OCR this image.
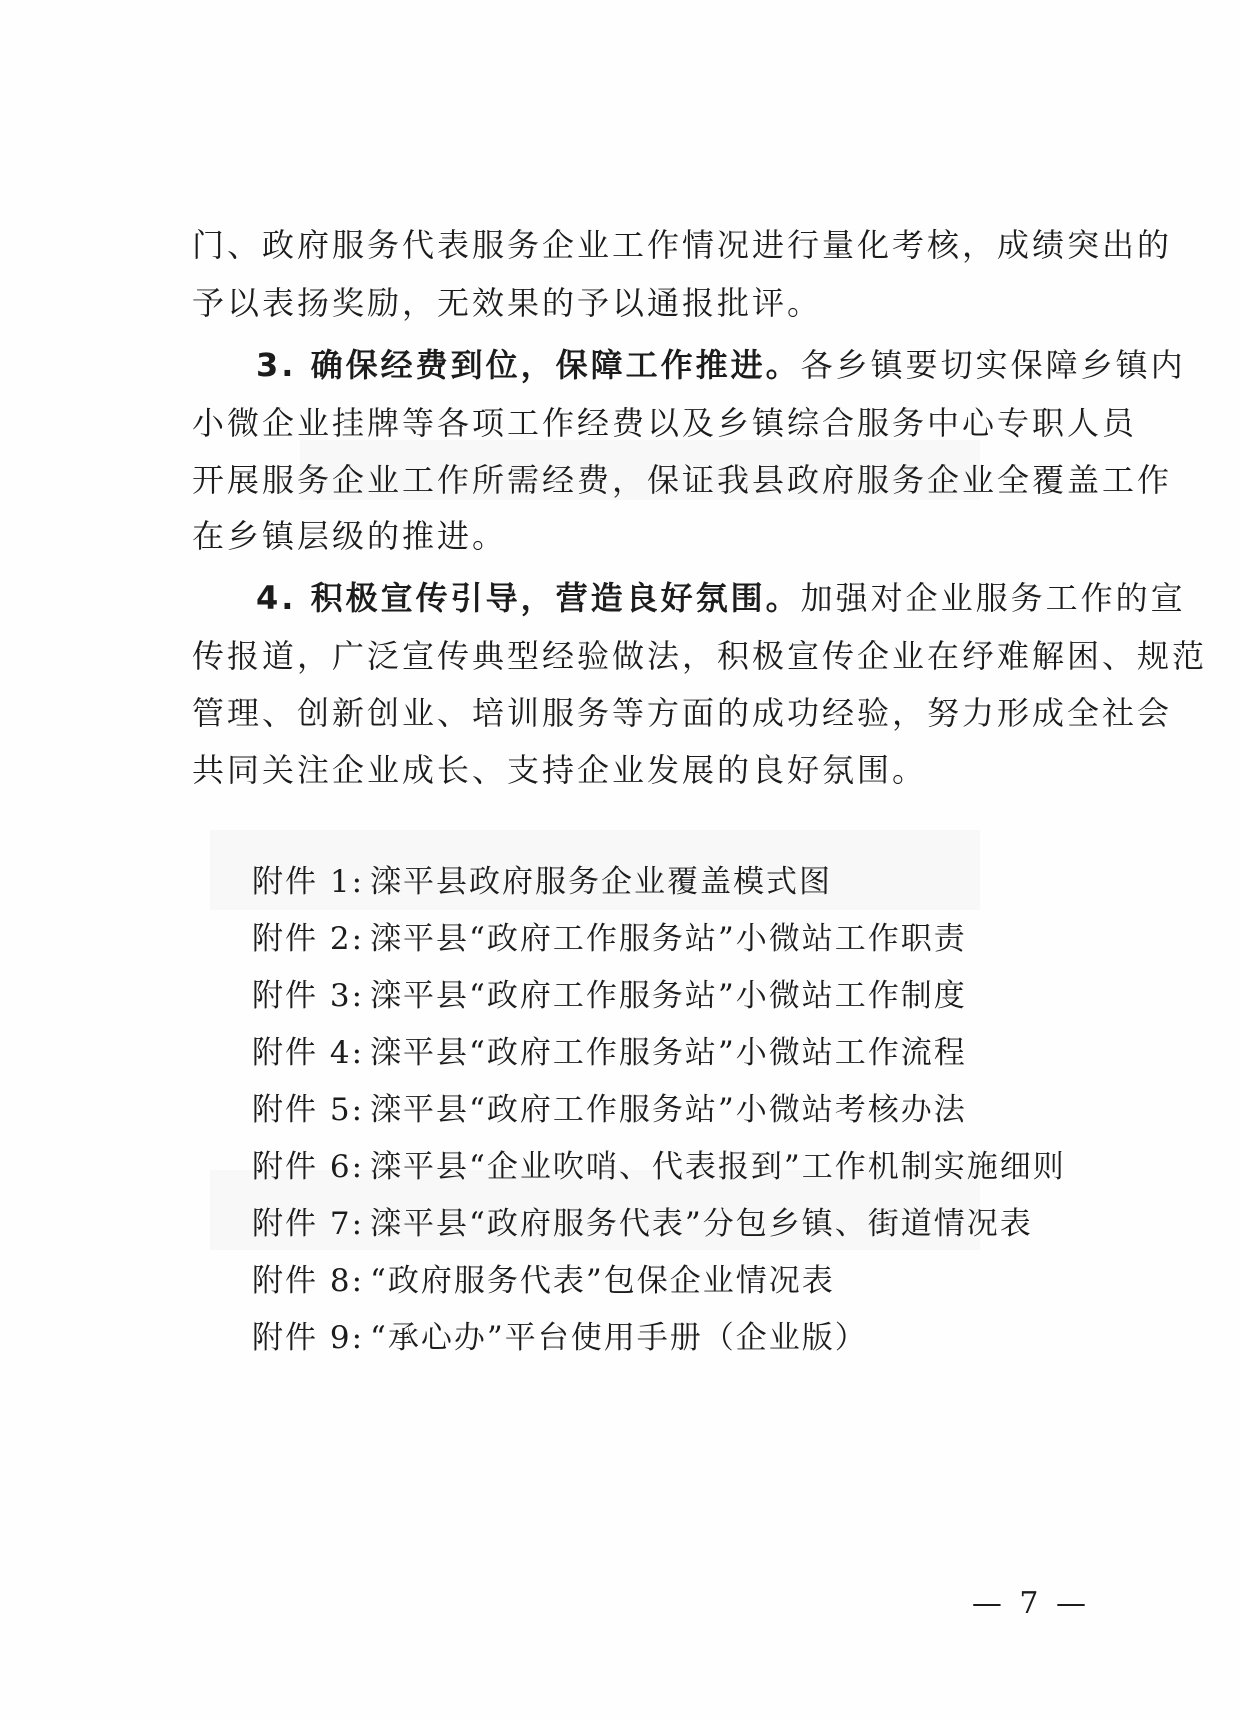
门、政府服务代表服务企业工作情况进行量化考核，成绩突出的
予以表扬奖励，无效果的予以通报批评。
3. 确保经费到位，保障工作推进。各乡镇要切实保障乡镇内
小微企业挂牌等各项工作经费以及乡镇综合服务中心专职人员
开展服务企业工作所需经费，保证我县政府服务企业全覆盖工作
在乡镇层级的推进。
4. 积极宣传引导，营造良好氛围。加强对企业服务工作的宣
传报道，广泛宣传典型经验做法，积极宣传企业在纾难解困、规范
管理、创新创业、培训服务等方面的成功经验，努力形成全社会
共同关注企业成长、支持企业发展的良好氛围。
附件 1: 滦平县政府服务企业覆盖模式图
附件 2: 滦平县“政府工作服务站”小微站工作职责
附件 3: 滦平县“政府工作服务站”小微站工作制度
附件 4: 滦平县“政府工作服务站”小微站工作流程
附件 5: 滦平县“政府工作服务站”小微站考核办法
附件 6: 滦平县“企业吹哨、代表报到”工作机制实施细则
附件 7: 滦平县“政府服务代表”分包乡镇、街道情况表
附件 8: “政府服务代表”包保企业情况表
附件 9: “承心办”平台使用手册（企业版）
— 7 —
